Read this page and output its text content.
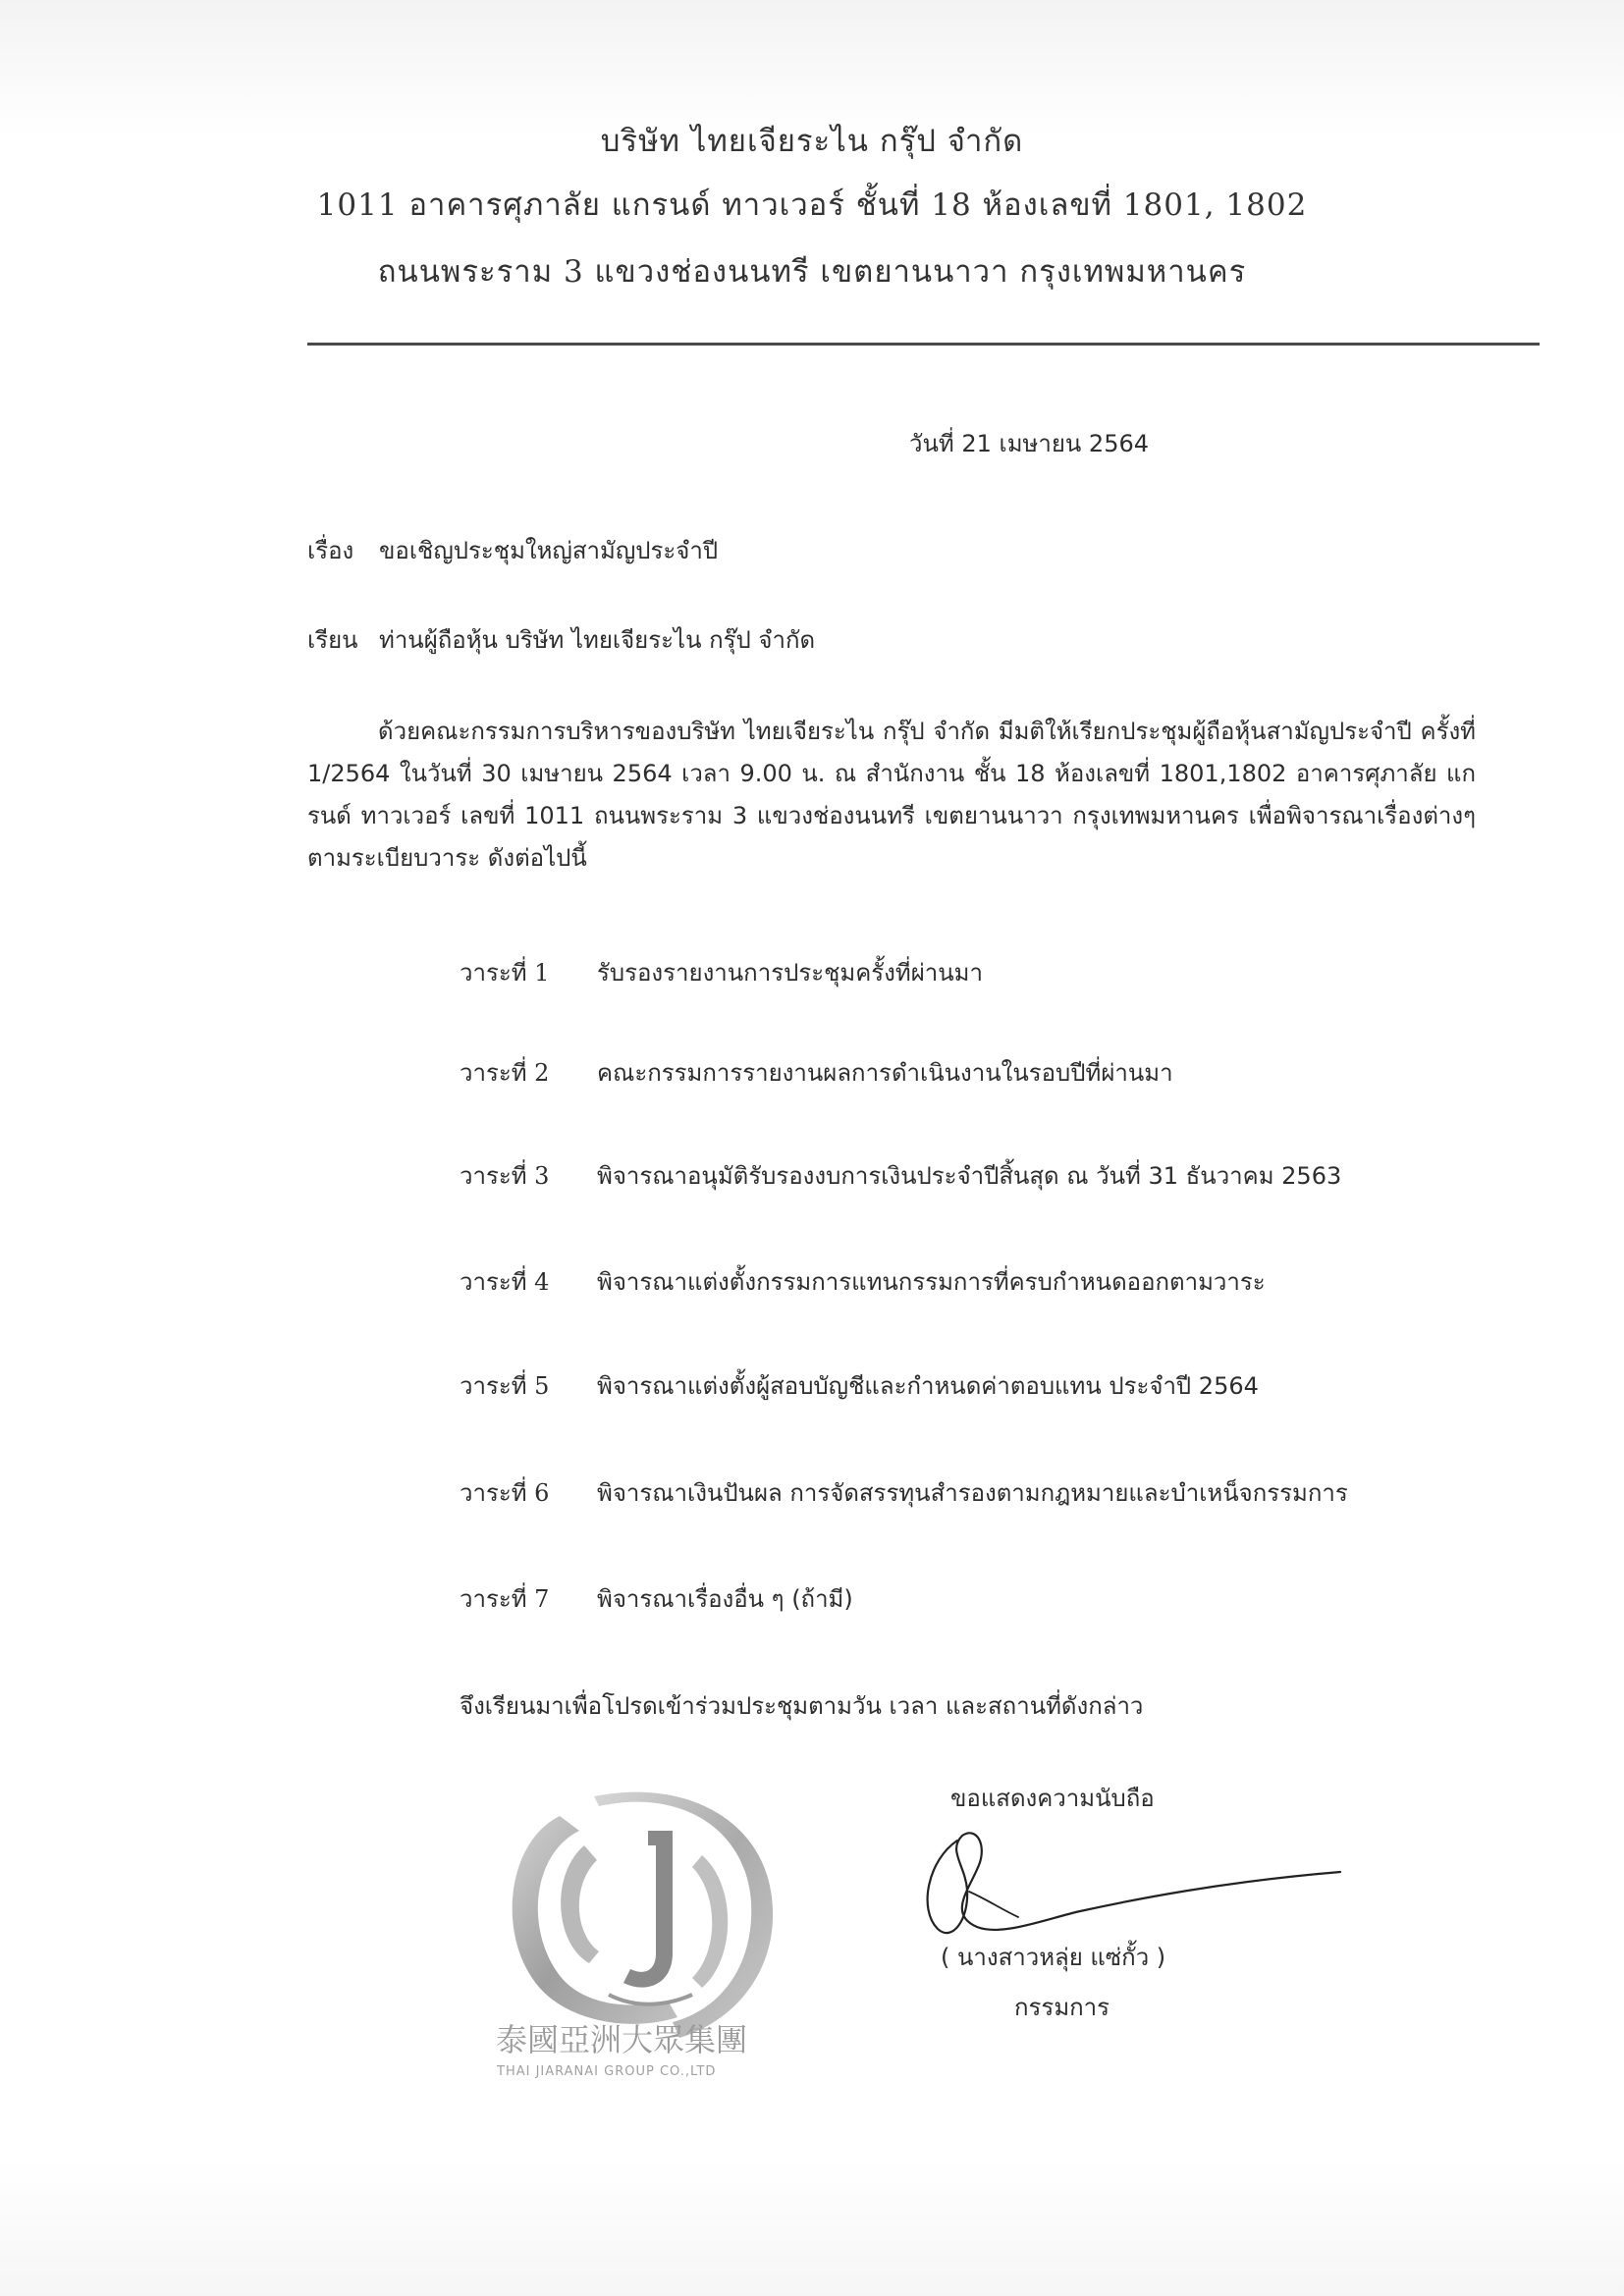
บริษัท ไทยเจียระไน กรุ๊ป จำกัด
1011 อาคารศุภาลัย แกรนด์ ทาวเวอร์ ชั้นที่ 18 ห้องเลขที่ 1801, 1802
ถนนพระราม 3 แขวงช่องนนทรี เขตยานนาวา กรุงเทพมหานคร
วันที่ 21 เมษายน 2564
เรื่อง ขอเชิญประชุมใหญ่สามัญประจำปี
เรียน ท่านผู้ถือหุ้น บริษัท ไทยเจียระไน กรุ๊ป จำกัด
ด้วยคณะกรรมการบริหารของบริษัท ไทยเจียระไน กรุ๊ป จำกัด มีมติให้เรียกประชุมผู้ถือหุ้นสามัญประจำปี ครั้งที่ 1/2564 ในวันที่ 30 เมษายน 2564 เวลา 9.00 น. ณ สำนักงาน ชั้น 18 ห้องเลขที่ 1801,1802 อาคารศุภาลัย แกรนด์ ทาวเวอร์ เลขที่ 1011 ถนนพระราม 3 แขวงช่องนนทรี เขตยานนาวา กรุงเทพมหานคร เพื่อพิจารณาเรื่องต่างๆ ตามระเบียบวาระ ดังต่อไปนี้
วาระที่ 1	รับรองรายงานการประชุมครั้งที่ผ่านมา
วาระที่ 2	คณะกรรมการรายงานผลการดำเนินงานในรอบปีที่ผ่านมา
วาระที่ 3	พิจารณาอนุมัติรับรองงบการเงินประจำปีสิ้นสุด ณ วันที่ 31 ธันวาคม 2563
วาระที่ 4	พิจารณาแต่งตั้งกรรมการแทนกรรมการที่ครบกำหนดออกตามวาระ
วาระที่ 5	พิจารณาแต่งตั้งผู้สอบบัญชีและกำหนดค่าตอบแทน ประจำปี 2564
วาระที่ 6	พิจารณาเงินปันผล การจัดสรรทุนสำรองตามกฎหมายและบำเหน็จกรรมการ
วาระที่ 7	พิจารณาเรื่องอื่น ๆ (ถ้ามี)
จึงเรียนมาเพื่อโปรดเข้าร่วมประชุมตามวัน เวลา และสถานที่ดังกล่าว
ขอแสดงความนับถือ
泰國亞洲大眾集團
THAI JIARANAI GROUP CO.,LTD
( นางสาวหลุ่ย แซ่กั้ว )
กรรมการ
